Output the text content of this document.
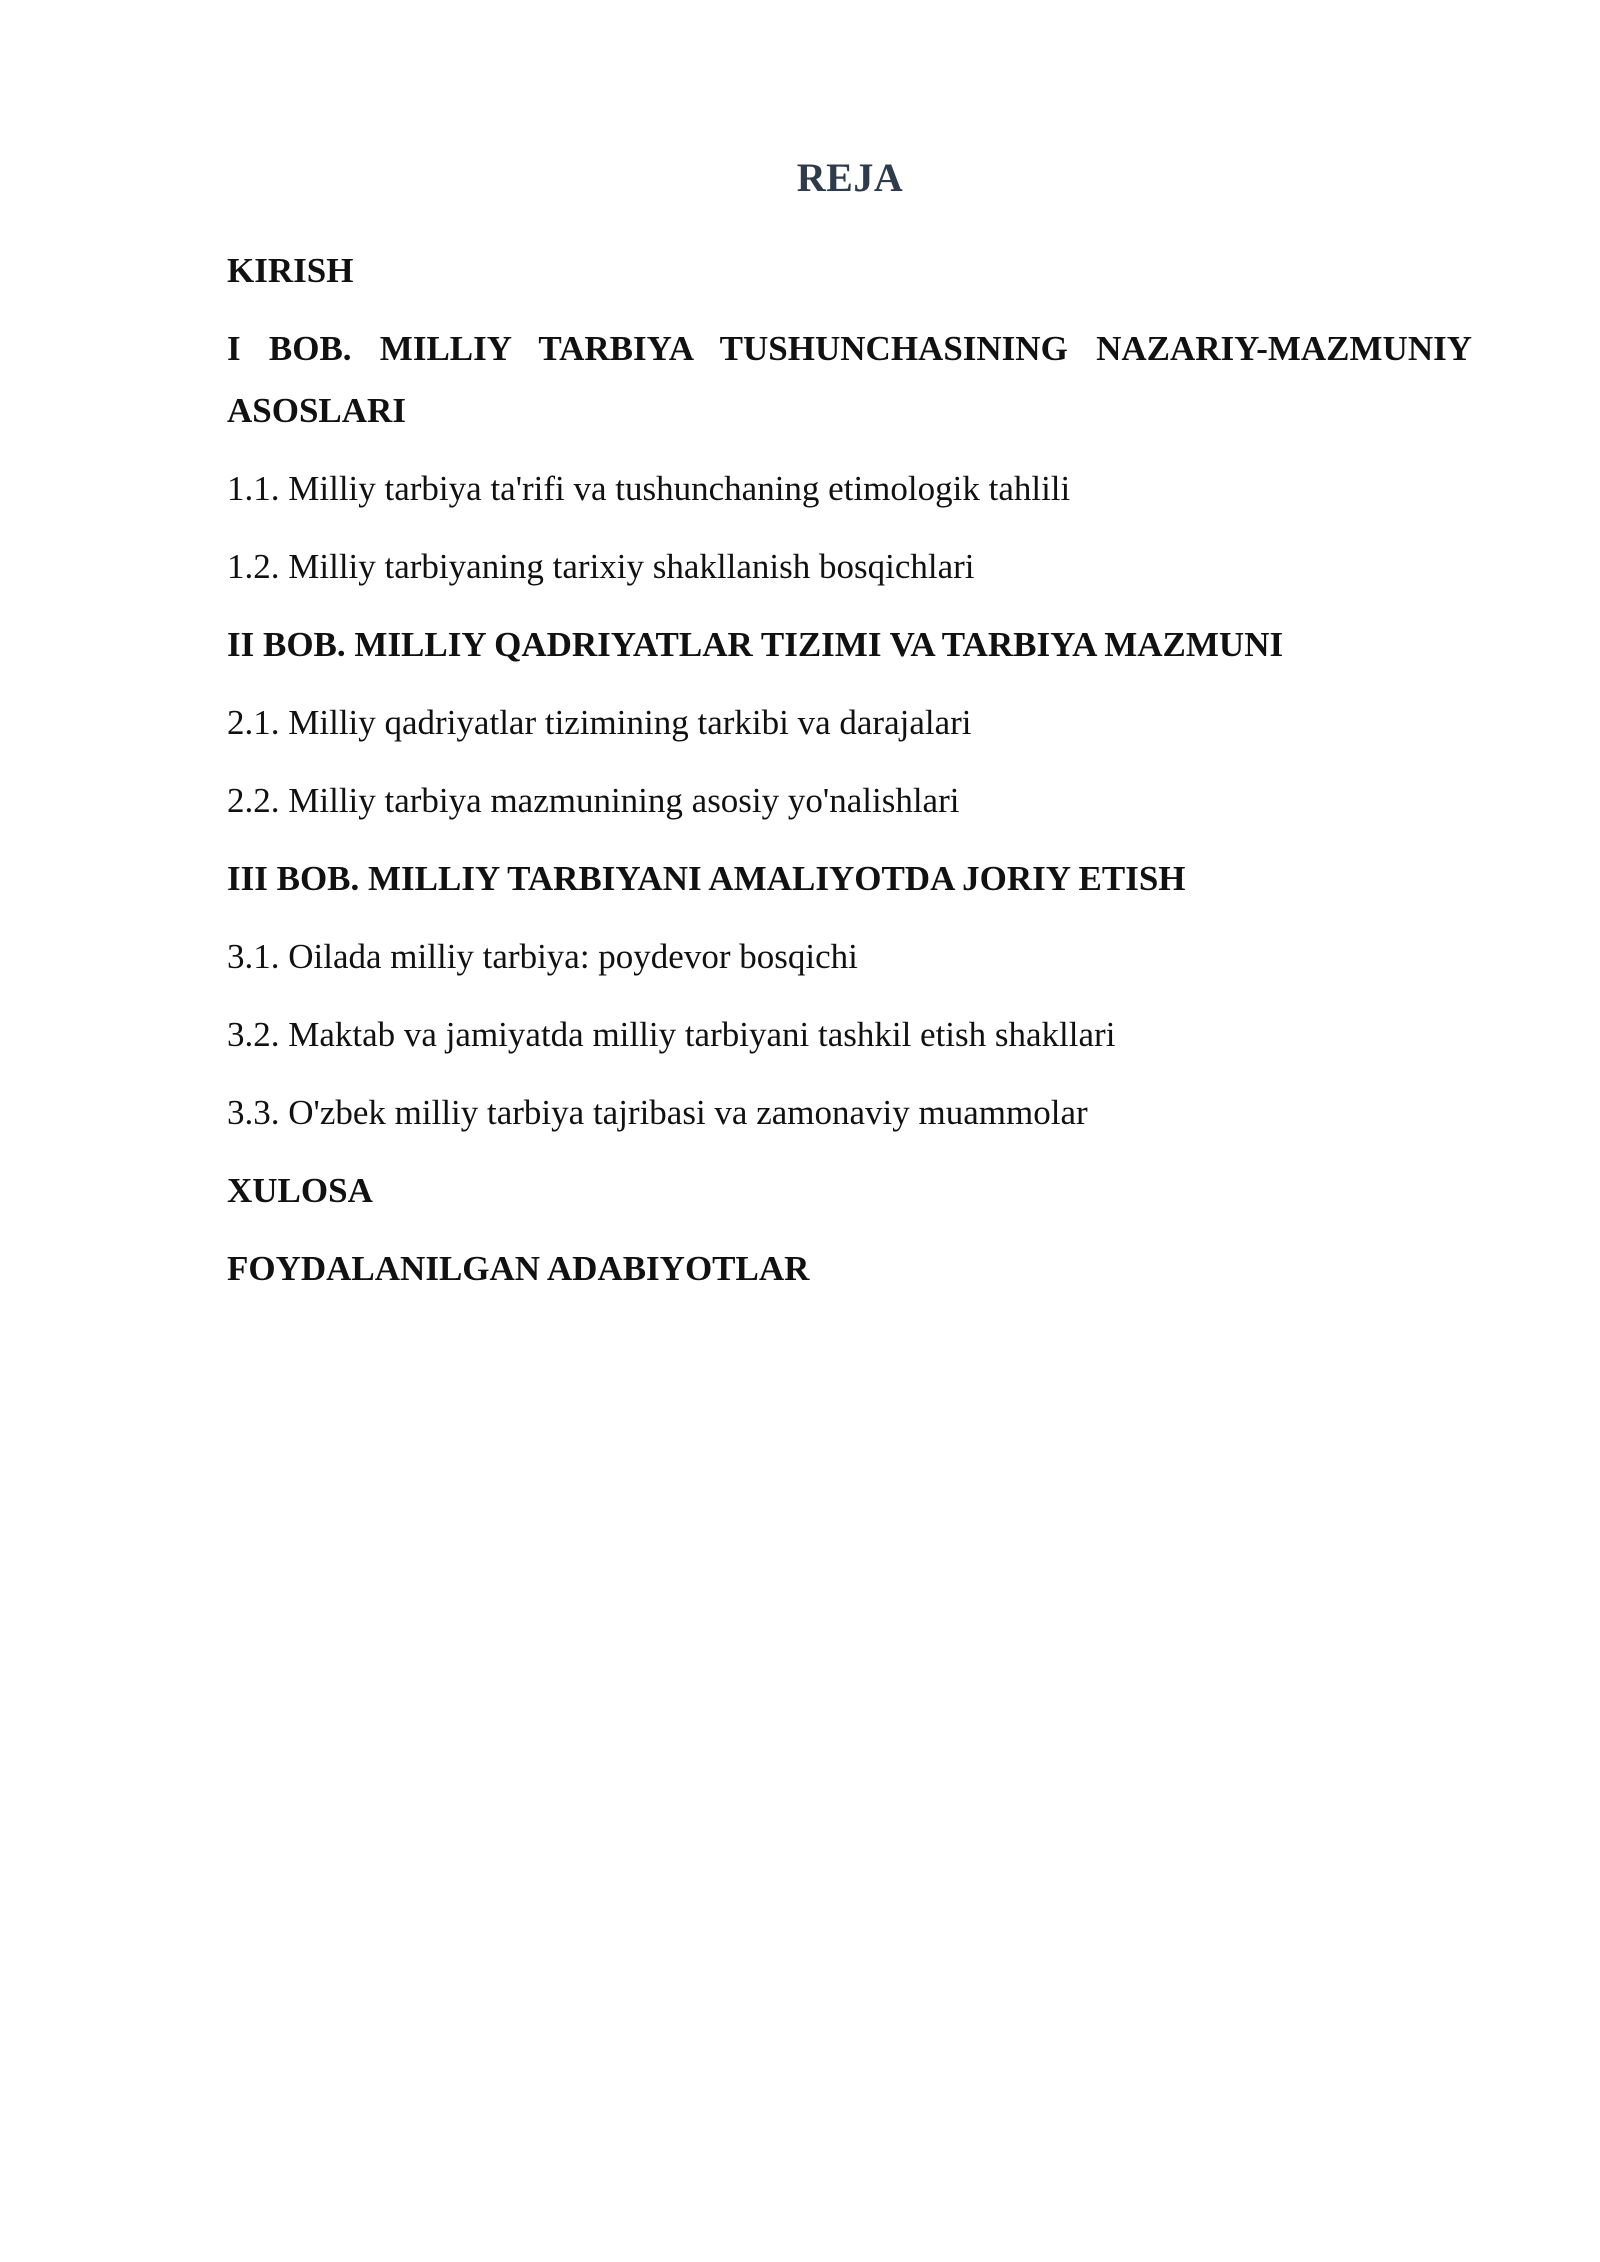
REJA
KIRISH
I BOB. MILLIY TARBIYA TUSHUNCHASINING NAZARIY-MAZMUNIY ASOSLARI
1.1. Milliy tarbiya ta'rifi va tushunchaning etimologik tahlili
1.2. Milliy tarbiyaning tarixiy shakllanish bosqichlari
II BOB. MILLIY QADRIYATLAR TIZIMI VA TARBIYA MAZMUNI
2.1. Milliy qadriyatlar tizimining tarkibi va darajalari
2.2. Milliy tarbiya mazmunining asosiy yo'nalishlari
III BOB. MILLIY TARBIYANI AMALIYOTDA JORIY ETISH
3.1. Oilada milliy tarbiya: poydevor bosqichi
3.2. Maktab va jamiyatda milliy tarbiyani tashkil etish shakllari
3.3. O'zbek milliy tarbiya tajribasi va zamonaviy muammolar
XULOSA
FOYDALANILGAN ADABIYOTLAR
